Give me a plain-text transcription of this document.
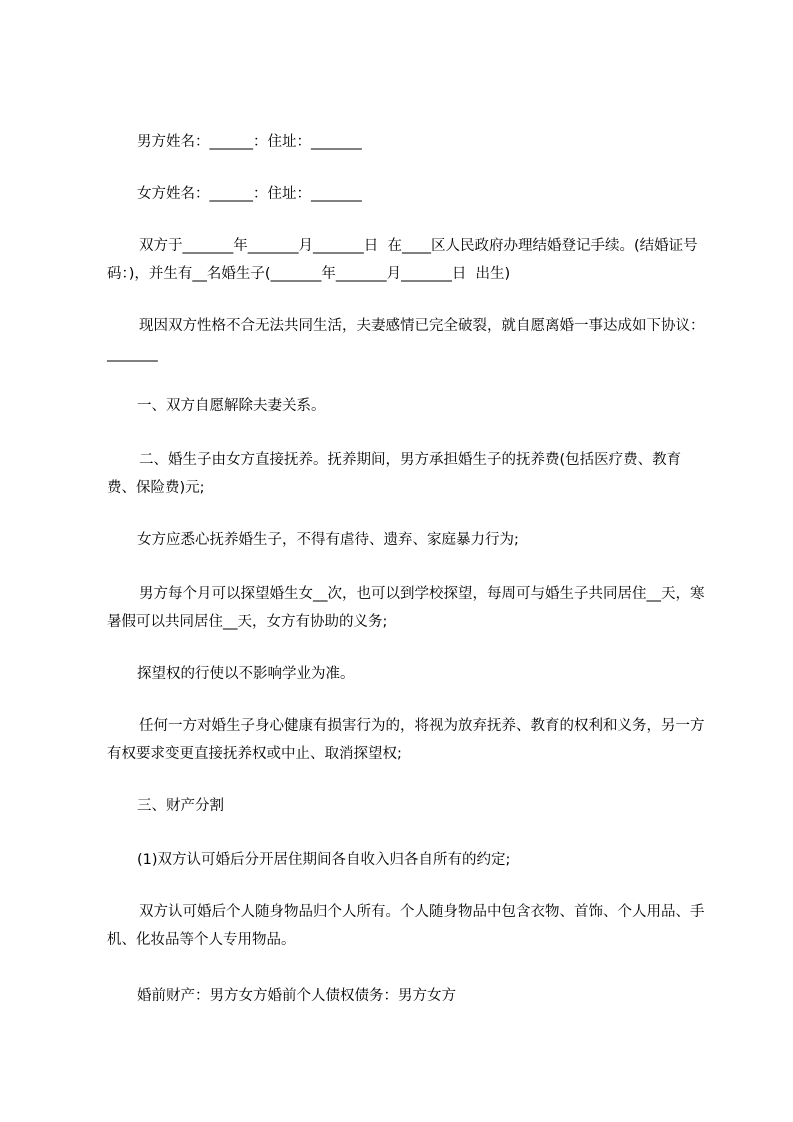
男方姓名：______：住址：_______

女方姓名：______：住址：_______

双方于_______年_______月_______日  在____区人民政府办理结婚登记手续。(结婚证号码：)，并生有__名婚生子(_______年_______月_______日  出生)

现因双方性格不合无法共同生活，夫妻感情已完全破裂，就自愿离婚一事达成如下协议：_______

一、双方自愿解除夫妻关系。

二、婚生子由女方直接抚养。抚养期间，男方承担婚生子的抚养费(包括医疗费、教育费、保险费)元;

女方应悉心抚养婚生子，不得有虐待、遗弃、家庭暴力行为;

男方每个月可以探望婚生女__次，也可以到学校探望，每周可与婚生子共同居住__天，寒暑假可以共同居住__天，女方有协助的义务;

探望权的行使以不影响学业为准。

任何一方对婚生子身心健康有损害行为的，将视为放弃抚养、教育的权利和义务，另一方有权要求变更直接抚养权或中止、取消探望权;

三、财产分割

(1)双方认可婚后分开居住期间各自收入归各自所有的约定;

双方认可婚后个人随身物品归个人所有。个人随身物品中包含衣物、首饰、个人用品、手机、化妆品等个人专用物品。

婚前财产：男方女方婚前个人债权债务：男方女方
